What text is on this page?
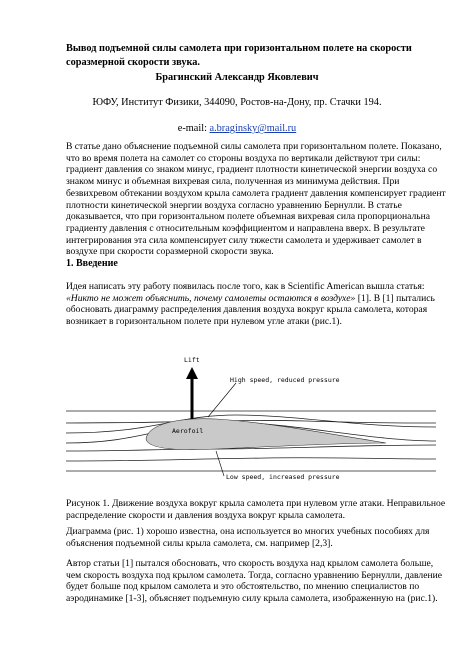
Вывод подъемной силы самолета при горизонтальном полете на скорости соразмерной скорости звука.
Брагинский Александр Яковлевич
ЮФУ, Институт Физики, 344090, Ростов-на-Дону, пр. Стачки 194.
e-mail: a.braginsky@mail.ru
В статье дано объяснение подъемной силы самолета при горизонтальном полете. Показано, что во время полета на самолет со стороны воздуха по вертикали действуют три силы: градиент давления со знаком минус, градиент плотности кинетической энергии воздуха со знаком минус и объемная вихревая сила, полученная из минимума действия. При безвихревом обтекании воздухом крыла самолета градиент давления компенсирует градиент плотности кинетической энергии воздуха согласно уравнению Бернулли. В статье доказывается, что при горизонтальном полете объемная вихревая сила пропорциональна градиенту давления с относительным коэффициентом и направлена вверх. В результате интегрирования эта сила компенсирует силу тяжести самолета и удерживает самолет в воздухе при скорости соразмерной скорости звука.
1. Введение
Идея написать эту работу появилась после того, как в Scientific American вышла статья: «Никто не может объяснить, почему самолеты остаются в воздухе» [1]. В [1] пытались обосновать диаграмму распределения давления воздуха вокруг крыла самолета, которая возникает в горизонтальном полете при нулевом угле атаки (рис.1).
Aerofoil
Lift
High speed, reduced pressure
Low speed, increased pressure
Рисунок 1. Движение воздуха вокруг крыла самолета при нулевом угле атаки. Неправильное распределение скорости и давления воздуха вокруг крыла самолета.
Диаграмма (рис. 1) хорошо известна, она используется во многих учебных пособиях для объяснения подъемной силы крыла самолета, см. например [2,3].
Автор статьи [1] пытался обосновать, что скорость воздуха над крылом самолета больше, чем скорость воздуха под крылом самолета. Тогда, согласно уравнению Бернулли, давление будет больше под крылом самолета и это обстоятельство, по мнению специалистов по аэродинамике [1-3], объясняет подъемную силу крыла самолета, изображенную на (рис.1).
